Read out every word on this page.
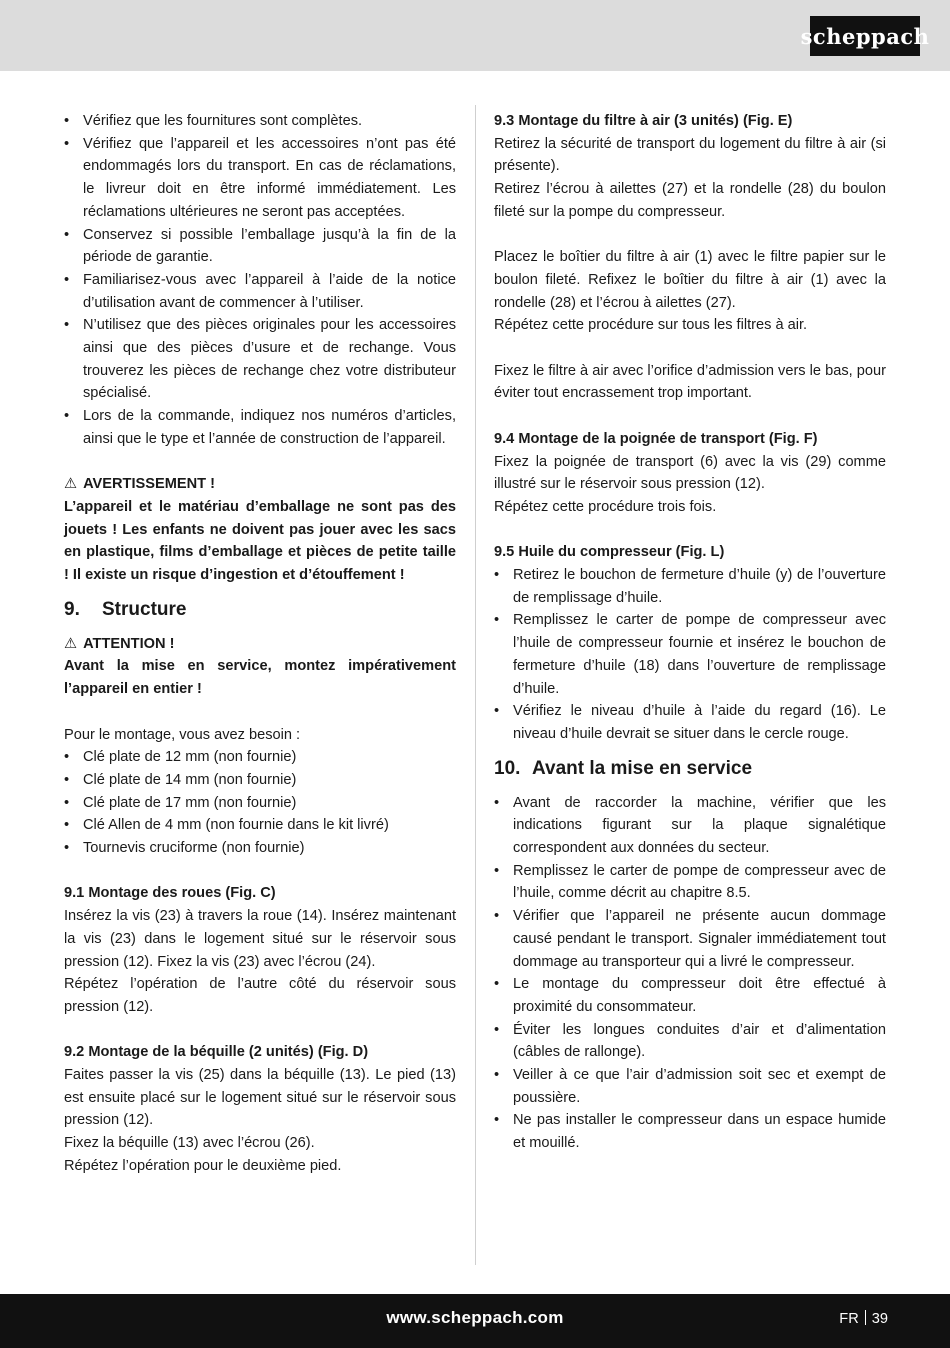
scheppach
• Vérifiez que les fournitures sont complètes.
• Vérifiez que l’appareil et les accessoires n’ont pas été endommagés lors du transport. En cas de réclamations, le livreur doit en être informé immédiatement. Les réclamations ultérieures ne seront pas acceptées.
• Conservez si possible l’emballage jusqu’à la fin de la période de garantie.
• Familiarisez-vous avec l’appareil à l’aide de la notice d’utilisation avant de commencer à l’utiliser.
• N’utilisez que des pièces originales pour les accessoires ainsi que des pièces d’usure et de rechange. Vous trouverez les pièces de rechange chez votre distributeur spécialisé.
• Lors de la commande, indiquez nos numéros d’articles, ainsi que le type et l’année de construction de l’appareil.

⚠ AVERTISSEMENT !

L’appareil et le matériau d’emballage ne sont pas des jouets ! Les enfants ne doivent pas jouer avec les sacs en plastique, films d’emballage et pièces de petite taille ! Il existe un risque d’ingestion et d’étouffement !

9. Structure

⚠ ATTENTION !

Avant la mise en service, montez impérativement l’appareil en entier !

Pour le montage, vous avez besoin :

• Clé plate de 12 mm (non fournie)
• Clé plate de 14 mm (non fournie)
• Clé plate de 17 mm (non fournie)
• Clé Allen de 4 mm (non fournie dans le kit livré)
• Tournevis cruciforme (non fournie)

9.1 Montage des roues (Fig. C)

Insérez la vis (23) à travers la roue (14). Insérez maintenant la vis (23) dans le logement situé sur le réservoir sous pression (12). Fixez la vis (23) avec l’écrou (24).

Répétez l’opération de l’autre côté du réservoir sous pression (12).

9.2 Montage de la béquille (2 unités) (Fig. D)

Faites passer la vis (25) dans la béquille (13). Le pied (13) est ensuite placé sur le logement situé sur le réservoir sous pression (12).

Fixez la béquille (13) avec l’écrou (26).

Répétez l’opération pour le deuxième pied.

9.3 Montage du filtre à air (3 unités) (Fig. E)

Retirez la sécurité de transport du logement du filtre à air (si présente).

Retirez l’écrou à ailettes (27) et la rondelle (28) du boulon fileté sur la pompe du compresseur.

Placez le boîtier du filtre à air (1) avec le filtre papier sur le boulon fileté. Refixez le boîtier du filtre à air (1) avec la rondelle (28) et l’écrou à ailettes (27).

Répétez cette procédure sur tous les filtres à air.

Fixez le filtre à air avec l’orifice d’admission vers le bas, pour éviter tout encrassement trop important.

9.4 Montage de la poignée de transport (Fig. F)

Fixez la poignée de transport (6) avec la vis (29) comme illustré sur le réservoir sous pression (12).

Répétez cette procédure trois fois.

9.5 Huile du compresseur (Fig. L)

• Retirez le bouchon de fermeture d’huile (y) de l’ouverture de remplissage d’huile.
• Remplissez le carter de pompe de compresseur avec l’huile de compresseur fournie et insérez le bouchon de fermeture d’huile (18) dans l’ouverture de remplissage d’huile.
• Vérifiez le niveau d’huile à l’aide du regard (16). Le niveau d’huile devrait se situer dans le cercle rouge.
10. Avant la mise en service
• Avant de raccorder la machine, vérifier que les indications figurant sur la plaque signalétique correspondent aux données du secteur.
• Remplissez le carter de pompe de compresseur avec de l’huile, comme décrit au chapitre 8.5.
• Vérifier que l’appareil ne présente aucun dommage causé pendant le transport. Signaler immédiatement tout dommage au transporteur qui a livré le compresseur.
• Le montage du compresseur doit être effectué à proximité du consommateur.
• Éviter les longues conduites d’air et d’alimentation (câbles de rallonge).
• Veiller à ce que l’air d’admission soit sec et exempt de poussière.
• Ne pas installer le compresseur dans un espace humide et mouillé.
www.scheppach.com	FR 39
